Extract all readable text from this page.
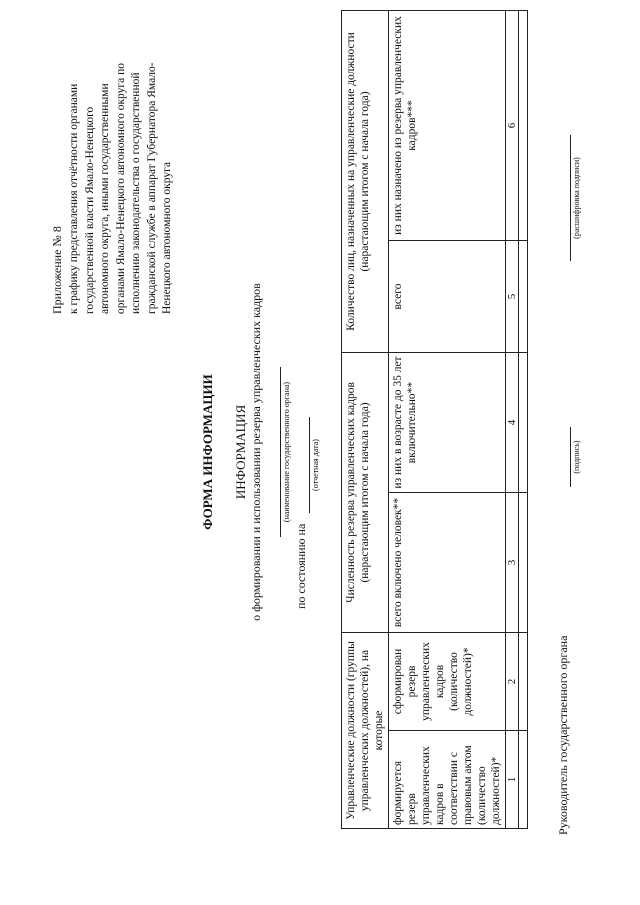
Приложение № 8 к графику представления отчётности органами государственной власти Ямало-Ненецкого автономного округа, иными государственными органами Ямало-Ненецкого автономного округа по исполнению законодательства о государственной гражданской службе в аппарат Губернатора Ямало-Ненецкого автономного округа
ФОРМА ИНФОРМАЦИИ ИНФОРМАЦИЯ о формировании и использовании резерва управленческих кадров (наименование государственного органа)
по состоянию на
(отчетная дата)
Управленческие должности (группы управленческих должностей), на которые		Численность резерва управленческих кадров (нарастающим итогом с начала года)		Количество лиц, назначенных на управленческие должности (нарастающим итогом с начала года)	
формируется резерв управленческих кадров в соответствии с правовым актом (количество должностей)*	сформирован резерв управленческих кадров (количество должностей)*	всего включено человек**	из них в возрасте до 35 лет включительно**	всего	из них назначено из резерва управленческих кадров***
1	2	3	4	5	6

Руководитель государственного органа
(подпись)
(расшифровка подписи)
